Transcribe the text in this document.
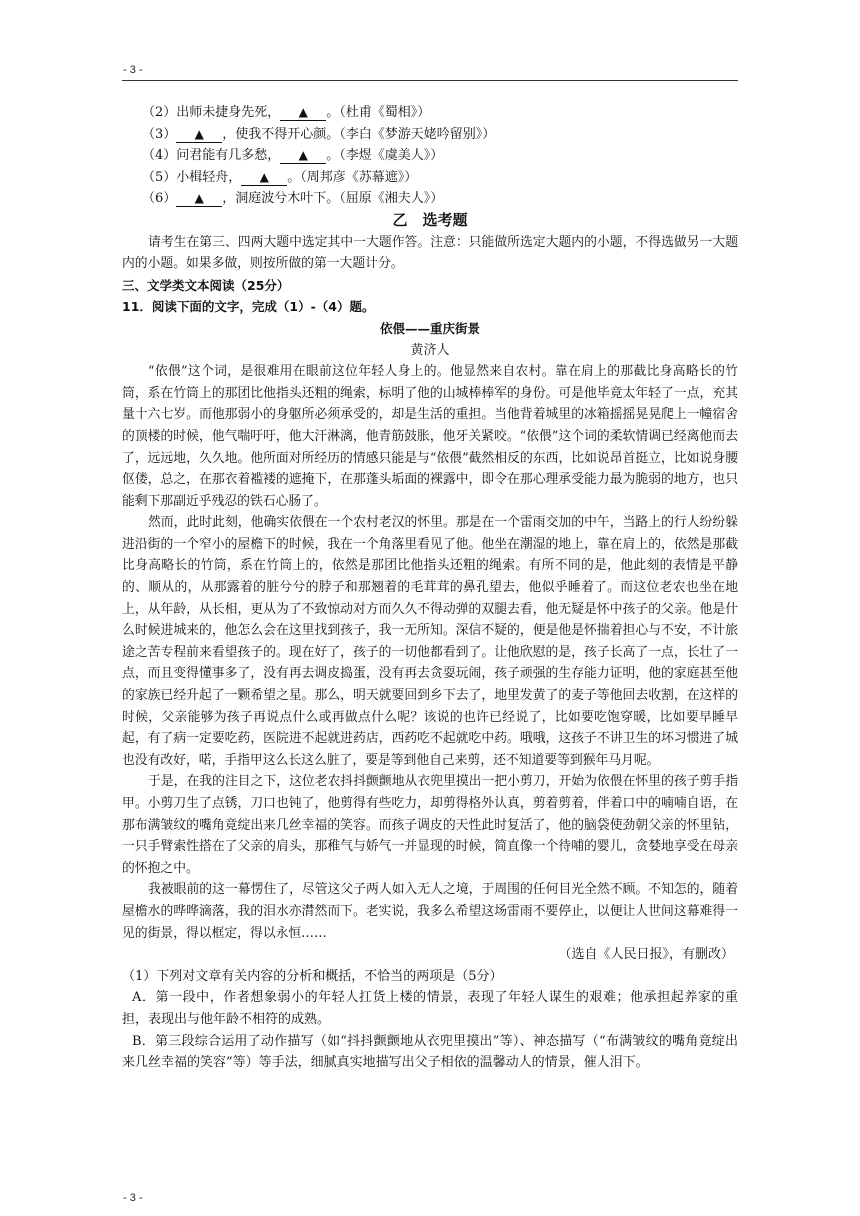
- 3 -
（2）出师未捷身先死， ▲ 。（杜甫《蜀相》）
（3） ▲ ，使我不得开心颜。（李白《梦游天姥吟留别》）
（4）问君能有几多愁， ▲ 。（李煜《虞美人》）
（5）小楫轻舟， ▲ 。（周邦彦《苏幕遮》）
（6） ▲ ，洞庭波兮木叶下。（屈原《湘夫人》）
乙　选考题
请考生在第三、四两大题中选定其中一大题作答。注意：只能做所选定大题内的小题，不得选做另一大题内的小题。如果多做，则按所做的第一大题计分。
三、文学类文本阅读（25分）
11．阅读下面的文字，完成（1）-（4）题。
依偎——重庆街景
黄济人
“依偎”这个词，是很难用在眼前这位年轻人身上的。他显然来自农村。靠在肩上的那截比身高略长的竹筒，系在竹筒上的那团比他指头还粗的绳索，标明了他的山城棒棒军的身份。可是他毕竟太年轻了一点，充其量十六七岁。而他那弱小的身躯所必须承受的，却是生活的重担。当他背着城里的冰箱摇摇晃晃爬上一幢宿舍的顶楼的时候，他气喘吁吁，他大汗淋漓，他青筋鼓胀，他牙关紧咬。“依偎”这个词的柔软情调已经离他而去了，远远地，久久地。他所面对所经历的情感只能是与“依偎”截然相反的东西，比如说昂首挺立，比如说身腰伛偻，总之，在那衣着褴褛的遮掩下，在那蓬头垢面的裸露中，即令在那心理承受能力最为脆弱的地方，也只能剩下那副近乎残忍的铁石心肠了。
然而，此时此刻，他确实依偎在一个农村老汉的怀里。那是在一个雷雨交加的中午，当路上的行人纷纷躲进沿街的一个窄小的屋檐下的时候，我在一个角落里看见了他。他坐在潮湿的地上，靠在肩上的，依然是那截比身高略长的竹筒，系在竹筒上的，依然是那团比他指头还粗的绳索。有所不同的是，他此刻的表情是平静的、顺从的，从那露着的脏兮兮的脖子和那翘着的毛茸茸的鼻孔望去，他似乎睡着了。而这位老农也坐在地上，从年龄，从长相，更从为了不致惊动对方而久久不得动弹的双腿去看，他无疑是怀中孩子的父亲。他是什么时候进城来的，他怎么会在这里找到孩子，我一无所知。深信不疑的，便是他是怀揣着担心与不安，不计旅途之苦专程前来看望孩子的。现在好了，孩子的一切他都看到了。让他欣慰的是，孩子长高了一点，长壮了一点，而且变得懂事多了，没有再去调皮捣蛋，没有再去贪耍玩闹，孩子顽强的生存能力证明，他的家庭甚至他的家族已经升起了一颗希望之星。那么，明天就要回到乡下去了，地里发黄了的麦子等他回去收割，在这样的时候，父亲能够为孩子再说点什么或再做点什么呢？该说的也许已经说了，比如要吃饱穿暖，比如要早睡早起，有了病一定要吃药，医院进不起就进药店，西药吃不起就吃中药。哦哦，这孩子不讲卫生的坏习惯进了城也没有改好，喏，手指甲这么长这么脏了，要是等到他自己来剪，还不知道要等到猴年马月呢。
于是，在我的注目之下，这位老农抖抖颤颤地从衣兜里摸出一把小剪刀，开始为依偎在怀里的孩子剪手指甲。小剪刀生了点锈，刀口也钝了，他剪得有些吃力，却剪得格外认真，剪着剪着，伴着口中的喃喃自语，在那布满皱纹的嘴角竟绽出来几丝幸福的笑容。而孩子调皮的天性此时复活了，他的脑袋使劲朝父亲的怀里钻，一只手臂索性搭在了父亲的肩头，那稚气与娇气一并显现的时候，简直像一个待哺的婴儿，贪婪地享受在母亲的怀抱之中。
我被眼前的这一幕愣住了，尽管这父子两人如入无人之境，于周围的任何目光全然不顾。不知怎的，随着屋檐水的哗哗滴落，我的泪水亦潸然而下。老实说，我多么希望这场雷雨不要停止，以便让人世间这幕难得一见的街景，得以框定，得以永恒……
（选自《人民日报》，有删改）
（1）下列对文章有关内容的分析和概括，不恰当的两项是（5分）
A．第一段中，作者想象弱小的年轻人扛货上楼的情景，表现了年轻人谋生的艰难；他承担起养家的重担，表现出与他年龄不相符的成熟。
B．第三段综合运用了动作描写（如“抖抖颤颤地从衣兜里摸出”等）、神态描写（“布满皱纹的嘴角竟绽出来几丝幸福的笑容”等）等手法，细腻真实地描写出父子相依的温馨动人的情景，催人泪下。
- 3 -
